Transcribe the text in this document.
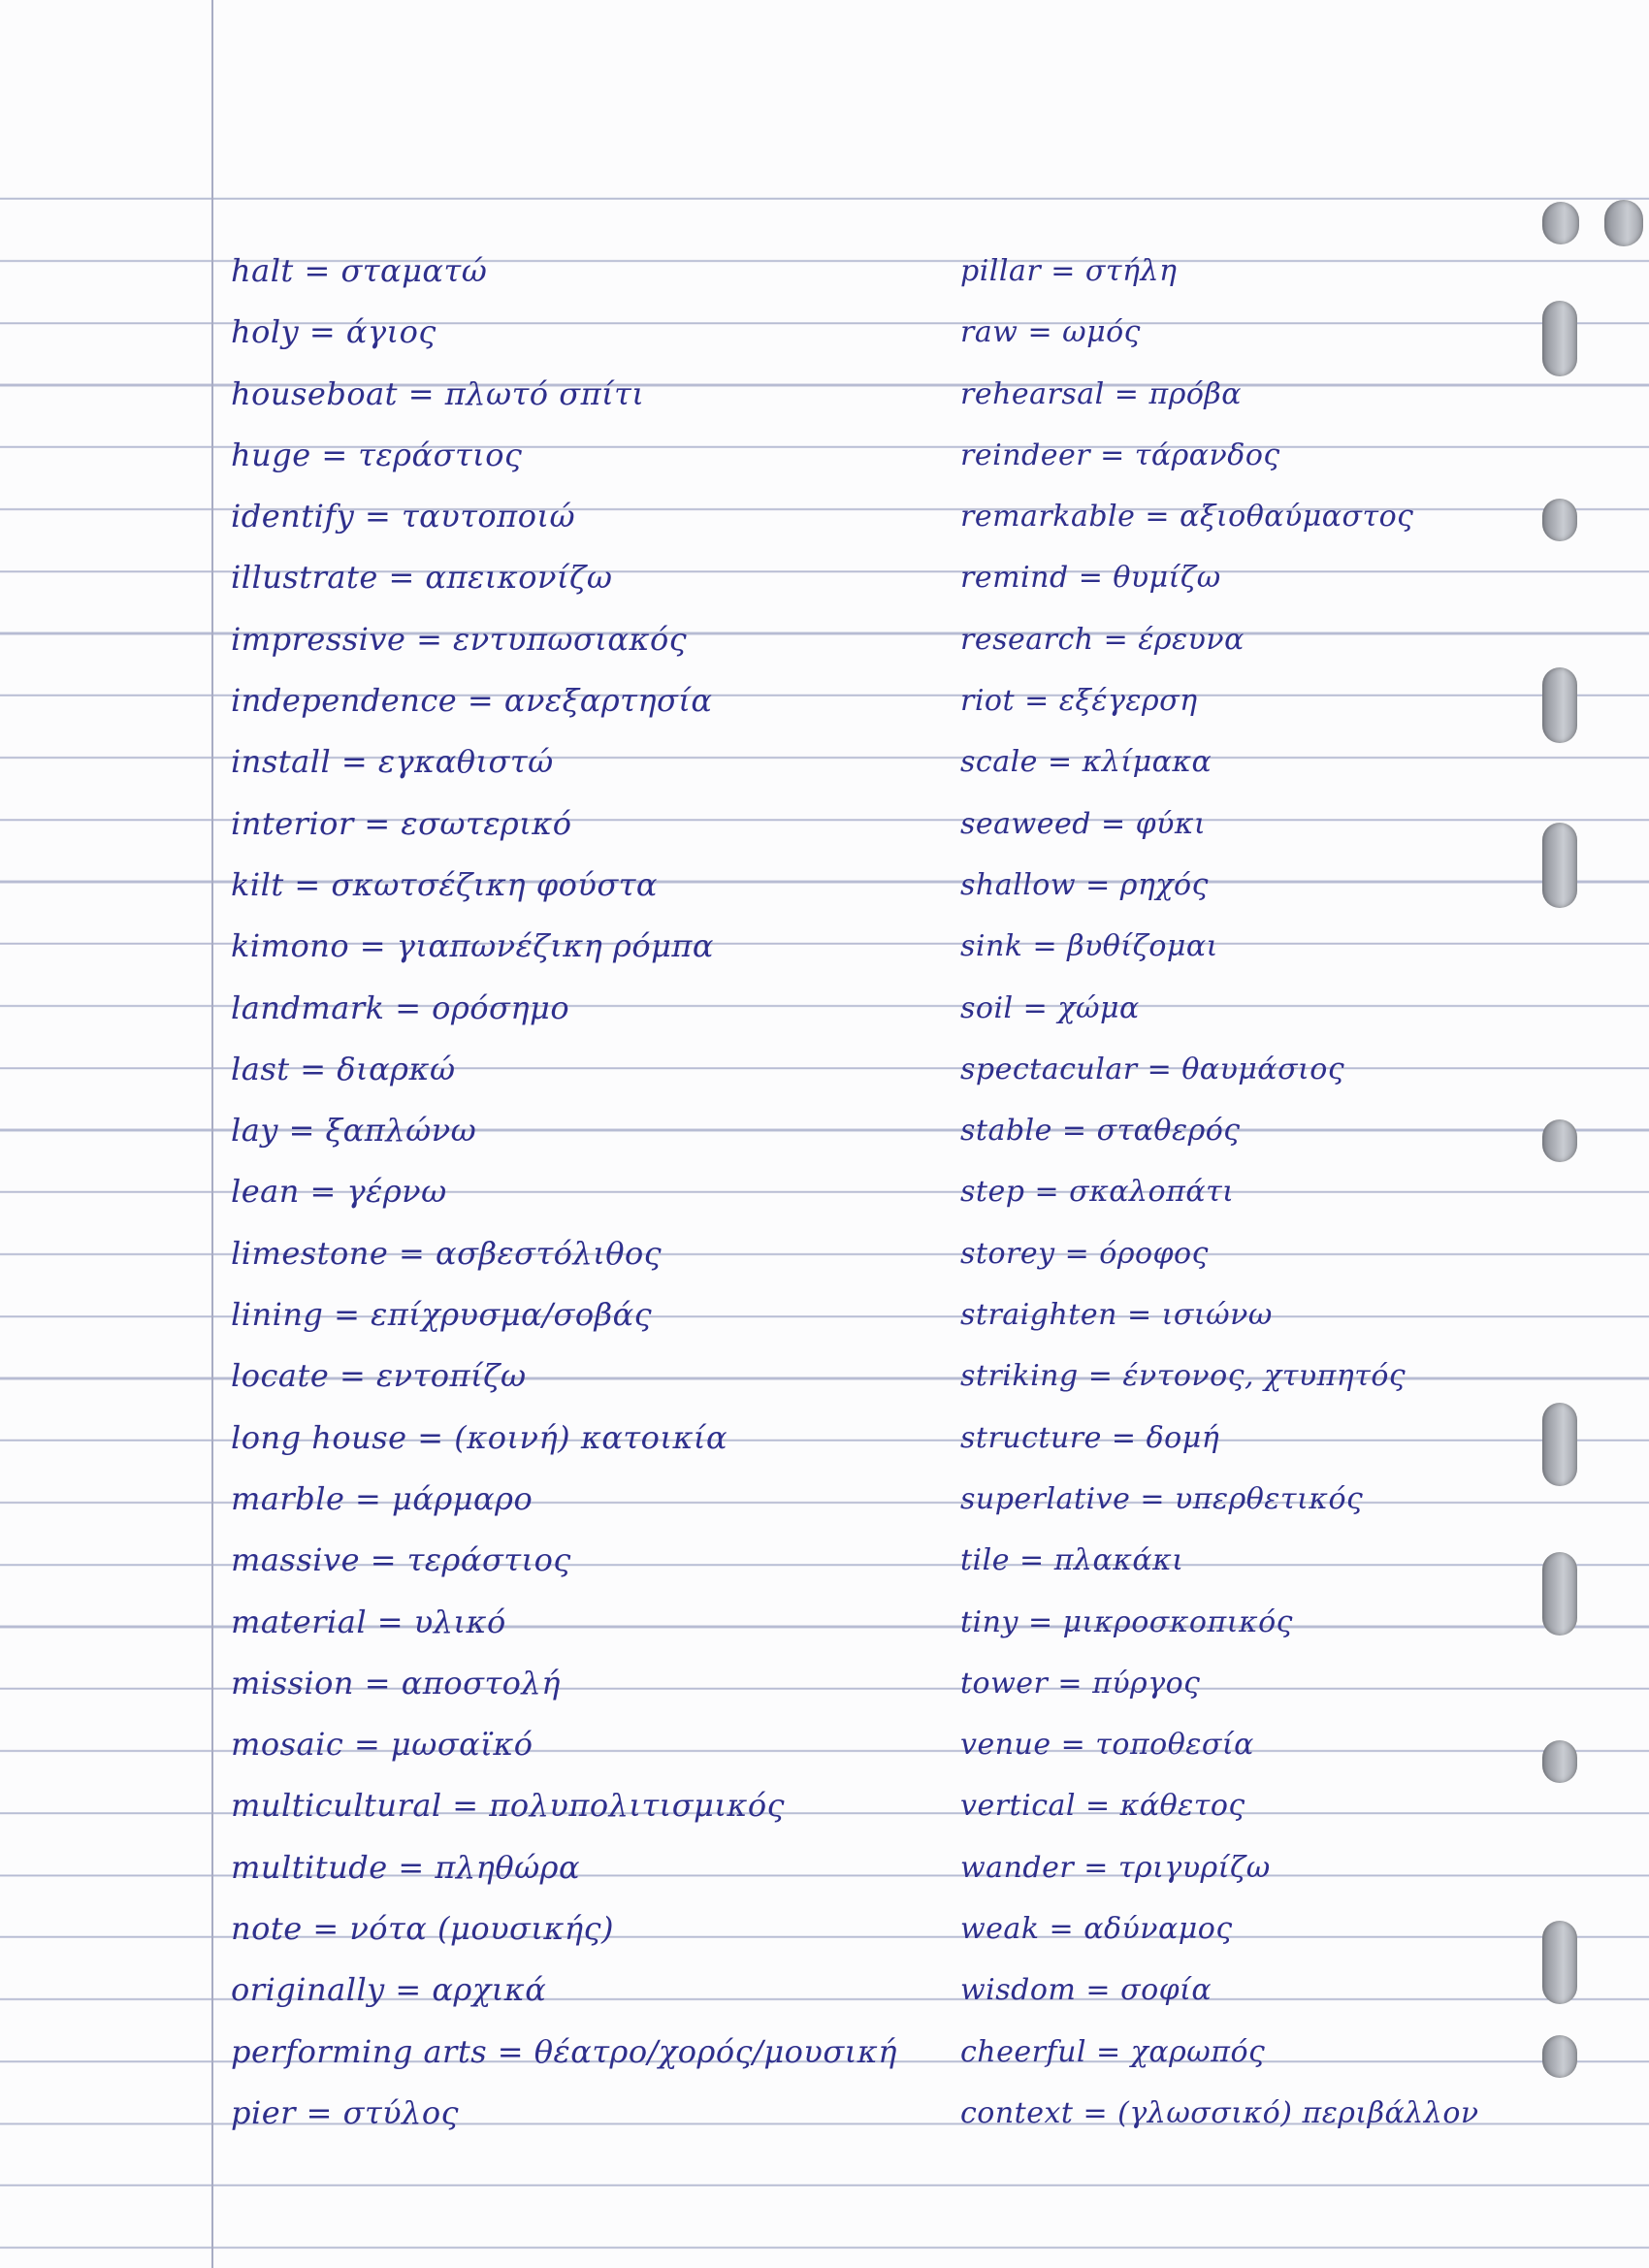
halt = σταματώ
holy = άγιος
houseboat = πλωτό σπίτι
huge = τεράστιος
identify = ταυτοποιώ
illustrate = απεικονίζω
impressive = εντυπωσιακός
independence = ανεξαρτησία
install = εγκαθιστώ
interior = εσωτερικό
kilt = σκωτσέζικη φούστα
kimono = γιαπωνέζικη ρόμπα
landmark = ορόσημο
last = διαρκώ
lay = ξαπλώνω
lean = γέρνω
limestone = ασβεστόλιθος
lining = επίχρυσμα/σοβάς
locate = εντοπίζω
long house = (κοινή) κατοικία
marble = μάρμαρο
massive = τεράστιος
material = υλικό
mission = αποστολή
mosaic = μωσαϊκό
multicultural = πολυπολιτισμικός
multitude = πληθώρα
note = νότα (μουσικής)
originally = αρχικά
performing arts = θέατρο/χορός/μουσική
pier = στύλος
pillar = στήλη
raw = ωμός
rehearsal = πρόβα
reindeer = τάρανδος
remarkable = αξιοθαύμαστος
remind = θυμίζω
research = έρευνα
riot = εξέγερση
scale = κλίμακα
seaweed = φύκι
shallow = ρηχός
sink = βυθίζομαι
soil = χώμα
spectacular = θαυμάσιος
stable = σταθερός
step = σκαλοπάτι
storey = όροφος
straighten = ισιώνω
striking = έντονος, χτυπητός
structure = δομή
superlative = υπερθετικός
tile = πλακάκι
tiny = μικροσκοπικός
tower = πύργος
venue = τοποθεσία
vertical = κάθετος
wander = τριγυρίζω
weak = αδύναμος
wisdom = σοφία
cheerful = χαρωπός
context = (γλωσσικό) περιβάλλον
